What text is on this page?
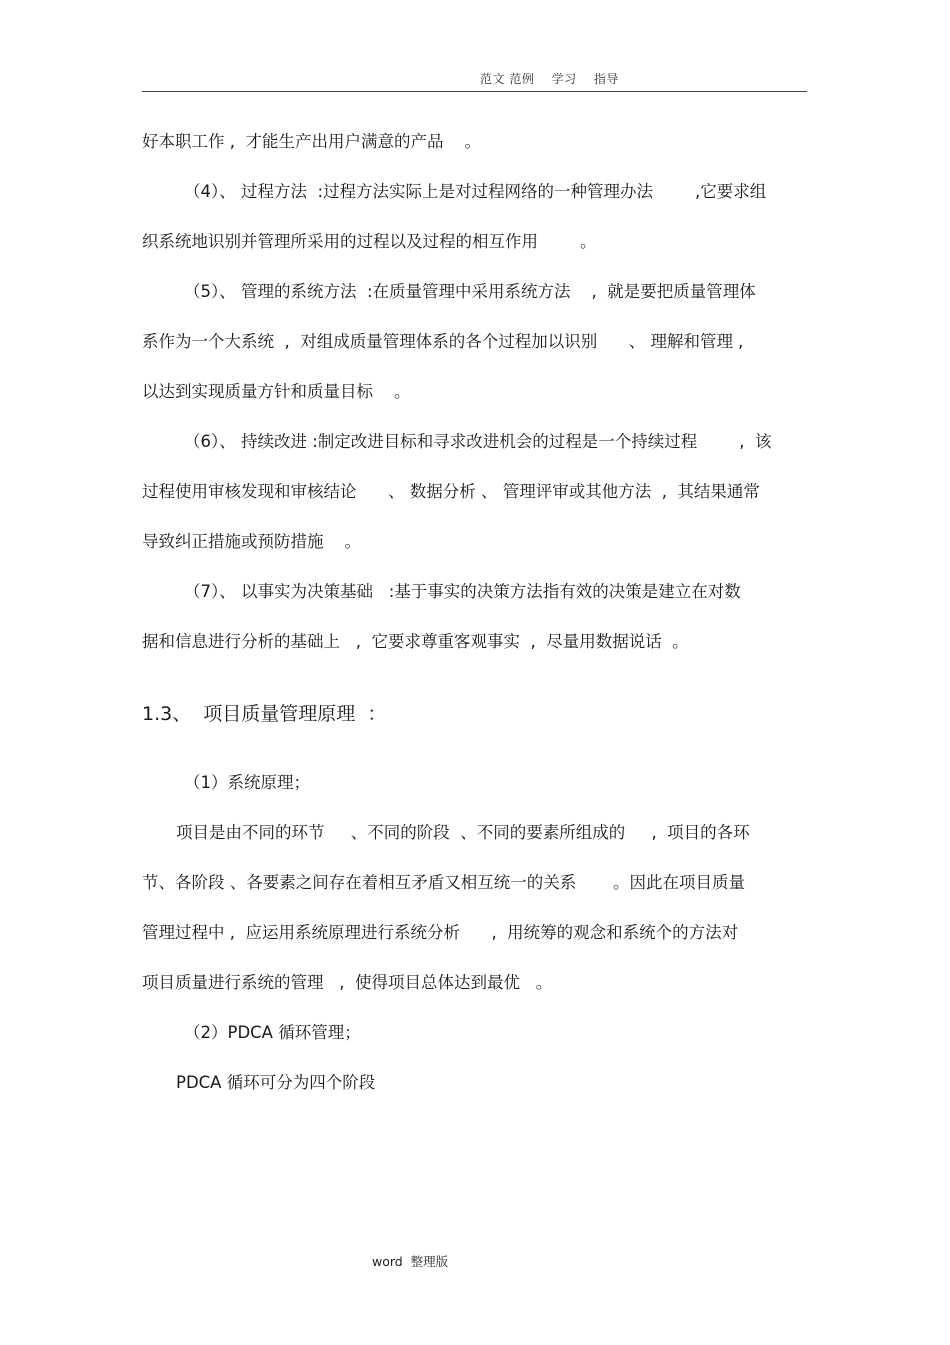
范文 范例    学习    指导
好本职工作 ,  才能生产出用户满意的产品    。
（4）、 过程方法  :过程方法实际上是对过程网络的一种管理办法        ,它要求组
织系统地识别并管理所采用的过程以及过程的相互作用        。
（5）、 管理的系统方法  :在质量管理中采用系统方法    ,  就是要把质量管理体
系作为一个大系统  ,  对组成质量管理体系的各个过程加以识别      、 理解和管理 ,
以达到实现质量方针和质量目标    。
（6）、 持续改进 :制定改进目标和寻求改进机会的过程是一个持续过程        ,  该
过程使用审核发现和审核结论      、 数据分析 、 管理评审或其他方法  ,  其结果通常
导致纠正措施或预防措施    。
（7）、 以事实为决策基础   :基于事实的决策方法指有效的决策是建立在对数
据和信息进行分析的基础上   ,  它要求尊重客观事实  ,  尽量用数据说话  。
1.3、  项目质量管理原理  ：
（1）系统原理；
项目是由不同的环节     、不同的阶段  、不同的要素所组成的     ,  项目的各环
节、各阶段 、各要素之间存在着相互矛盾又相互统一的关系       。因此在项目质量
管理过程中 ,  应运用系统原理进行系统分析      ,  用统筹的观念和系统个的方法对
项目质量进行系统的管理   ,  使得项目总体达到最优   。
（2）PDCA 循环管理；
PDCA 循环可分为四个阶段
word  整理版
